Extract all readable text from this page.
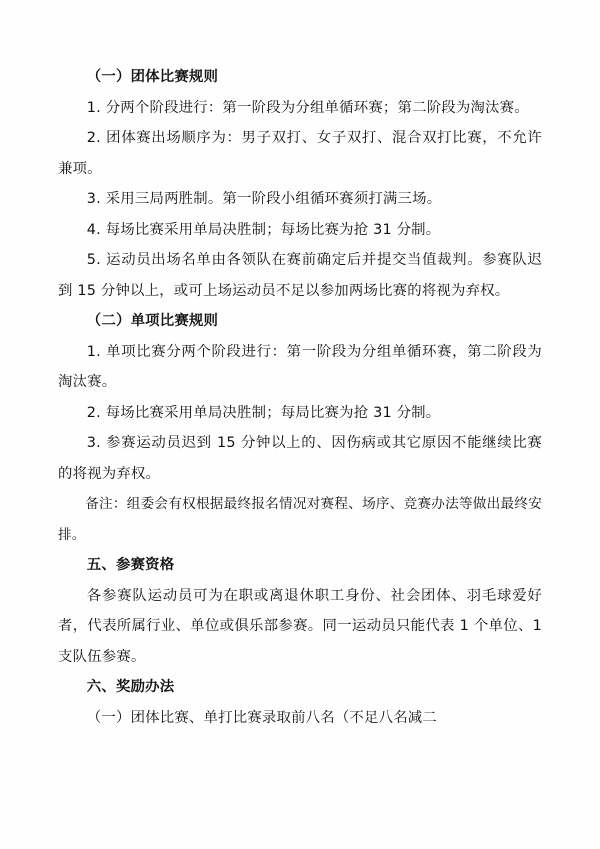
（一）团体比赛规则

1. 分两个阶段进行：第一阶段为分组单循环赛；第二阶段为淘汰赛。

2. 团体赛出场顺序为：男子双打、女子双打、混合双打比赛，不允许兼项。

3. 采用三局两胜制。第一阶段小组循环赛须打满三场。

4. 每场比赛采用单局决胜制；每场比赛为抢 31 分制。

5. 运动员出场名单由各领队在赛前确定后并提交当值裁判。参赛队迟到 15 分钟以上，或可上场运动员不足以参加两场比赛的将视为弃权。

（二）单项比赛规则

1. 单项比赛分两个阶段进行：第一阶段为分组单循环赛，第二阶段为淘汰赛。

2. 每场比赛采用单局决胜制；每局比赛为抢 31 分制。

3. 参赛运动员迟到 15 分钟以上的、因伤病或其它原因不能继续比赛的将视为弃权。

备注：组委会有权根据最终报名情况对赛程、场序、竞赛办法等做出最终安排。

五、参赛资格

各参赛队运动员可为在职或离退休职工身份、社会团体、羽毛球爱好者，代表所属行业、单位或俱乐部参赛。同一运动员只能代表 1 个单位、1 支队伍参赛。

六、奖励办法

（一）团体比赛、单打比赛录取前八名（不足八名减二
